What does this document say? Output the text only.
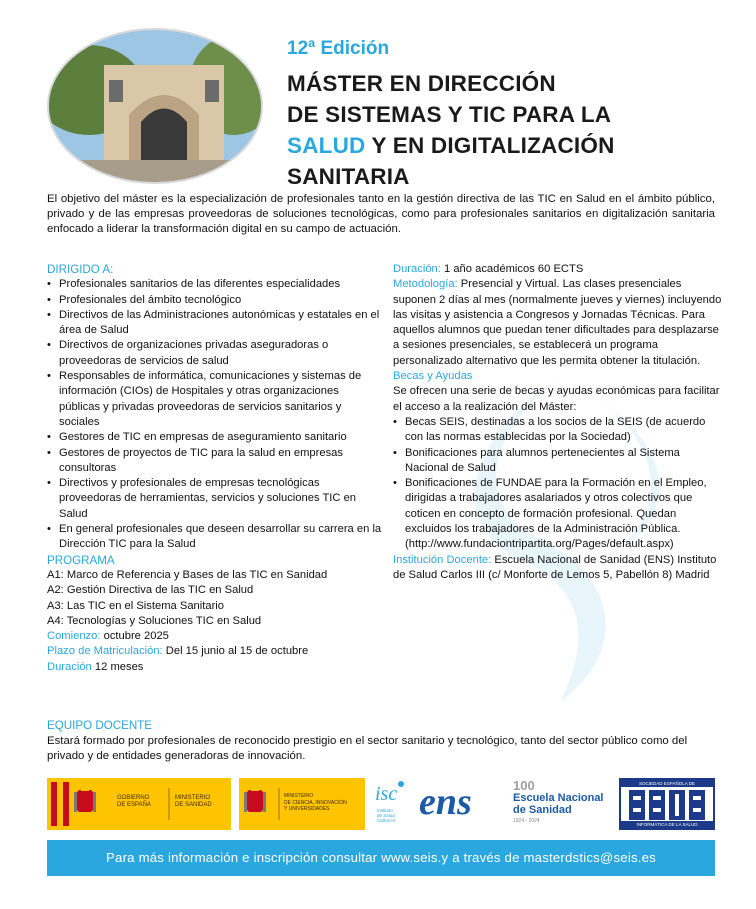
12ª Edición
MÁSTER EN DIRECCIÓN
DE SISTEMAS Y TIC PARA LA
SALUD Y EN DIGITALIZACIÓN
SANITARIA
El objetivo del máster es la especialización de profesionales tanto en la gestión directiva de las TIC en Salud en el ámbito público, privado y de las empresas proveedoras de soluciones tecnológicas, como para profesionales sanitarios en digitalización sanitaria enfocado a liderar la transformación digital en su campo de actuación.
DIRIGIDO A:
• Profesionales sanitarios de las diferentes especialidades
• Profesionales del ámbito tecnológico
• Directivos de las Administraciones autonómicas y estatales en el área de Salud
• Directivos de organizaciones privadas aseguradoras o proveedoras de servicios de salud
• Responsables de informática, comunicaciones y sistemas de información (CIOs) de Hospitales y otras organizaciones públicas y privadas proveedoras de servicios sanitarios y sociales
• Gestores de TIC en empresas de aseguramiento sanitario
• Gestores de proyectos de TIC para la salud en empresas consultoras
• Directivos y profesionales de empresas tecnológicas proveedoras de herramientas, servicios y soluciones TIC en Salud
• En general profesionales que deseen desarrollar su carrera en la Dirección TIC para la Salud
PROGRAMA
A1: Marco de Referencia y Bases de las TIC en Sanidad
A2: Gestión Directiva de las TIC en Salud
A3: Las TIC en el Sistema Sanitario
A4: Tecnologías y Soluciones TIC en Salud
Comienzo: octubre 2025
Plazo de Matriculación: Del 15 junio al 15 de octubre
Duración 12 meses
Duración: 1 año académicos 60 ECTS
Metodología: Presencial y Virtual. Las clases presenciales suponen 2 días al mes (normalmente jueves y viernes) incluyendo las visitas y asistencia a Congresos y Jornadas Técnicas. Para aquellos alumnos que puedan tener dificultades para desplazarse a sesiones presenciales, se establecerá un programa personalizado alternativo que les permita obtener la titulación.
Becas y Ayudas
Se ofrecen una serie de becas y ayudas económicas para facilitar el acceso a la realización del Máster:
• Becas SEIS, destinadas a los socios de la SEIS (de acuerdo con las normas establecidas por la Sociedad)
• Bonificaciones para alumnos pertenecientes al Sistema Nacional de Salud
• Bonificaciones de FUNDAE para la Formación en el Empleo, dirigidas a trabajadores asalariados y otros colectivos que coticen en concepto de formación profesional. Quedan excluidos los trabajadores de la Administración Pública.(http://www.fundaciontripartita.org/Pages/default.aspx)
Institución Docente: Escuela Nacional de Sanidad (ENS) Instituto de Salud Carlos III (c/ Monforte de Lemos 5, Pabellón 8) Madrid
EQUIPO DOCENTE
Estará formado por profesionales de reconocido prestigio en el sector sanitario y tecnológico, tanto del sector público como del privado y de entidades generadoras de innovación.
GOBIERNO
DE ESPAÑA
MINISTERIO
DE SANIDAD
MINISTERIO
DE CIENCIA, INNOVACIÓN
Y UNIVERSIDADES
isc
Instituto
de Salud
Carlos III ens	100
Escuela Nacional
de Sanidad
1924 - 2024
SOCIEDAD ESPAÑOLA DE
INFORMÁTICA DE LA SALUD
Para más información e inscripción consultar www.seis.y a través de masterdstics@seis.es
